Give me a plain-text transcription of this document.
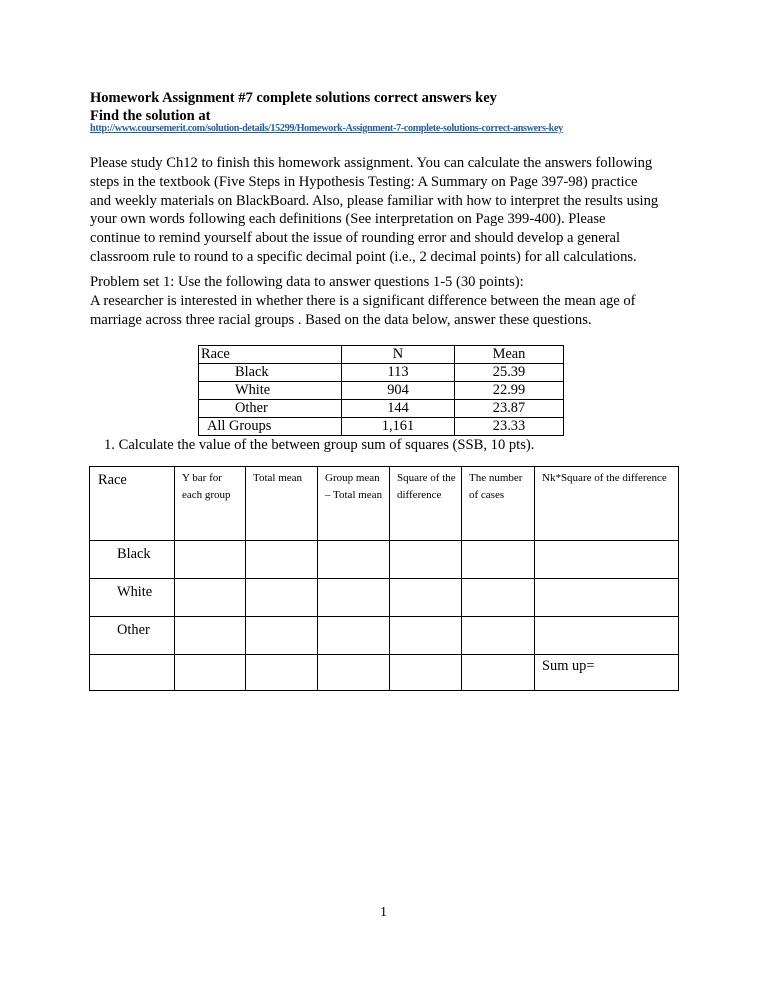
Homework Assignment #7 complete solutions correct answers key
Find the solution at
http://www.coursemerit.com/solution-details/15299/Homework-Assignment-7-complete-solutions-correct-answers-key

Please study Ch12 to finish this homework assignment. You can calculate the answers following

steps in the textbook (Five Steps in Hypothesis Testing: A Summary on Page 397-98) practice

and weekly materials on BlackBoard. Also, please familiar with how to interpret the results using

your own words following each definitions (See interpretation on Page 399-400). Please

continue to remind yourself about the issue of rounding error and should develop a general

classroom rule to round to a specific decimal point (i.e., 2 decimal points) for all calculations.

Problem set 1: Use the following data to answer questions 1-5 (30 points):

A researcher is interested in whether there is a significant difference between the mean age of

marriage across three racial groups . Based on the data below, answer these questions.

Race	N	Mean
Black	113	25.39
White	904	22.99
Other	144	23.87
All Groups	1,161	23.33
1. Calculate the value of the between group sum of squares (SSB, 10 pts).
Race	Y bar for each group	Total mean	Group mean – Total mean	Square of the difference	The number of cases	Nk*Square of the difference
Black						
White						
Other						
						Sum up=
1
